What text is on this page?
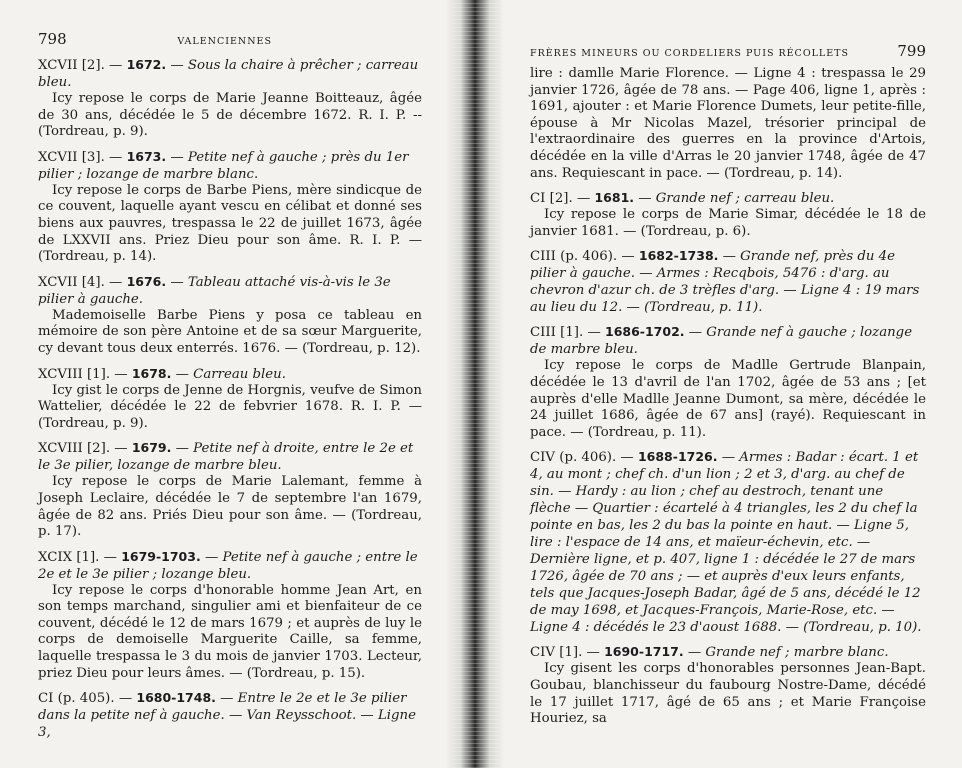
798	VALENCIENNES

XCVII [2]. — 1672. — Sous la chaire à prêcher ; carreau bleu.

Icy repose le corps de Marie Jeanne Boitteauz, âgée de 30 ans, décédée le 5 de décembre 1672. R. I. P. -- (Tordreau, p. 9).

XCVII [3]. — 1673. — Petite nef à gauche ; près du 1er pilier ; lozange de marbre blanc.

Icy repose le corps de Barbe Piens, mère sindicque de ce couvent, laquelle ayant vescu en célibat et donné ses biens aux pauvres, trespassa le 22 de juillet 1673, âgée de LXXVII ans. Priez Dieu pour son âme. R. I. P. — (Tordreau, p. 14).

XCVII [4]. — 1676. — Tableau attaché vis-à-vis le 3e pilier à gauche.

Mademoiselle Barbe Piens y posa ce tableau en mémoire de son père Antoine et de sa sœur Marguerite, cy devant tous deux enterrés. 1676. — (Tordreau, p. 12).

XCVIII [1]. — 1678. — Carreau bleu.

Icy gist le corps de Jenne de Horgnis, veufve de Simon Wattelier, décédée le 22 de febvrier 1678. R. I. P. — (Tordreau, p. 9).

XCVIII [2]. — 1679. — Petite nef à droite, entre le 2e et le 3e pilier, lozange de marbre bleu.

Icy repose le corps de Marie Lalemant, femme à Joseph Leclaire, décédée le 7 de septembre l'an 1679, âgée de 82 ans. Priés Dieu pour son âme. — (Tordreau, p. 17).

XCIX [1]. — 1679-1703. — Petite nef à gauche ; entre le 2e et le 3e pilier ; lozange bleu.

Icy repose le corps d'honorable homme Jean Art, en son temps marchand, singulier ami et bienfaiteur de ce couvent, décédé le 12 de mars 1679 ; et auprès de luy le corps de demoiselle Marguerite Caille, sa femme, laquelle trespassa le 3 du mois de janvier 1703. Lecteur, priez Dieu pour leurs âmes. — (Tordreau, p. 15).

CI (p. 405). — 1680-1748. — Entre le 2e et le 3e pilier dans la petite nef à gauche. — Van Reysschoot. — Ligne 3,

FRÈRES MINEURS OU CORDELIERS PUIS RÉCOLLETS	799

lire : damlle Marie Florence. — Ligne 4 : trespassa le 29 janvier 1726, âgée de 78 ans. — Page 406, ligne 1, après : 1691, ajouter : et Marie Florence Dumets, leur petite-fille, épouse à Mr Nicolas Mazel, trésorier principal de l'extraordinaire des guerres en la province d'Artois, décédée en la ville d'Arras le 20 janvier 1748, âgée de 47 ans. Requiescant in pace. — (Tordreau, p. 14).

CI [2]. — 1681. — Grande nef ; carreau bleu.

Icy repose le corps de Marie Simar, décédée le 18 de janvier 1681. — (Tordreau, p. 6).

CIII (p. 406). — 1682-1738. — Grande nef, près du 4e pilier à gauche. — Armes : Recqbois, 5476 : d'arg. au chevron d'azur ch. de 3 trèfles d'arg. — Ligne 4 : 19 mars au lieu du 12. — (Tordreau, p. 11).

CIII [1]. — 1686-1702. — Grande nef à gauche ; lozange de marbre bleu.

Icy repose le corps de Madlle Gertrude Blanpain, décédée le 13 d'avril de l'an 1702, âgée de 53 ans ; [et auprès d'elle Madlle Jeanne Dumont, sa mère, décédée le 24 juillet 1686, âgée de 67 ans] (rayé). Requiescant in pace. — (Tordreau, p. 11).

CIV (p. 406). — 1688-1726. — Armes : Badar : écart. 1 et 4, au mont ; chef ch. d'un lion ; 2 et 3, d'arg. au chef de sin. — Hardy : au lion ; chef au destroch, tenant une flèche — Quartier : écartelé à 4 triangles, les 2 du chef la pointe en bas, les 2 du bas la pointe en haut. — Ligne 5, lire : l'espace de 14 ans, et maïeur-échevin, etc. — Dernière ligne, et p. 407, ligne 1 : décédée le 27 de mars 1726, âgée de 70 ans ; — et auprès d'eux leurs enfants, tels que Jacques-Joseph Badar, âgé de 5 ans, décédé le 12 de may 1698, et Jacques-François, Marie-Rose, etc. — Ligne 4 : décédés le 23 d'aoust 1688. — (Tordreau, p. 10).

CIV [1]. — 1690-1717. — Grande nef ; marbre blanc.

Icy gisent les corps d'honorables personnes Jean-Bapt. Goubau, blanchisseur du faubourg Nostre-Dame, décédé le 17 juillet 1717, âgé de 65 ans ; et Marie Françoise Houriez, sa
